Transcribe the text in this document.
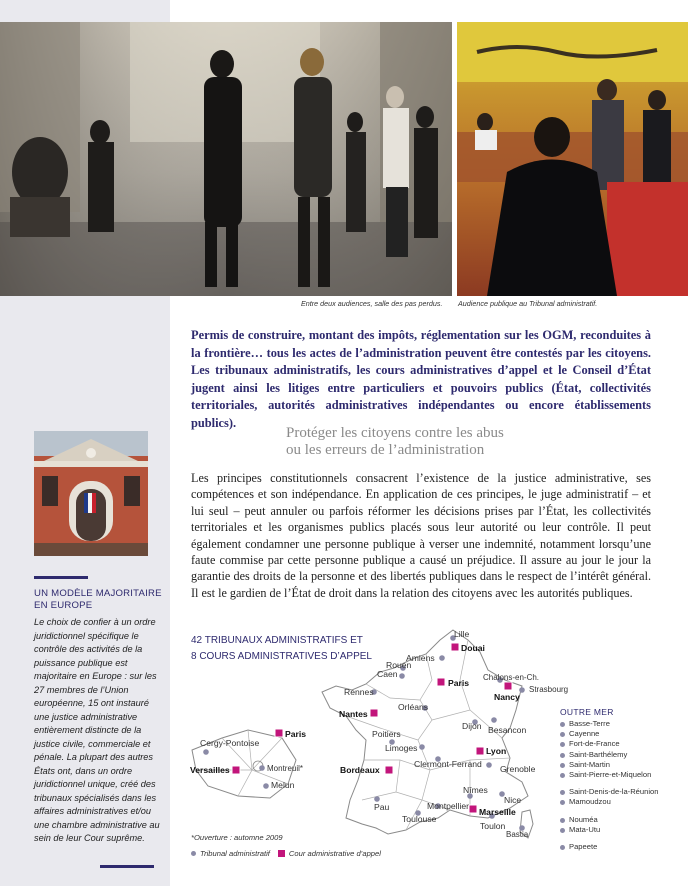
Entre deux audiences, salle des pas perdus. Audience publique au Tribunal administratif.
Permis de construire, montant des impôts, réglementation sur les OGM, reconduites à la frontière… tous les actes de l’administration peuvent être contestés par les citoyens. Les tribunaux administratifs, les cours administratives d’appel et le Conseil d’État jugent ainsi les litiges entre particuliers et pouvoirs publics (État, collectivités territoriales, autorités administratives indépendantes ou encore établissements publics).
Protéger les citoyens contre les abus
ou les erreurs de l’administration
Les principes constitutionnels consacrent l’existence de la justice administrative, ses compétences et son indépendance. En application de ces principes, le juge administratif – et lui seul – peut annuler ou parfois réformer les décisions prises par l’État, les collectivités territoriales et les organismes publics placés sous leur autorité ou leur contrôle. Il peut également condamner une personne publique à verser une indemnité, notamment lorsqu’une faute commise par cette personne publique a causé un préjudice. Il assure au jour le jour la garantie des droits de la personne et des libertés publiques dans le respect de l’intérêt général. Il est le gardien de l’État de droit dans la relation des citoyens avec les autorités publiques.
UN MODÈLE MAJORITAIRE
EN EUROPE
Le choix de confier à un ordre juridictionnel spécifique le contrôle des activités de la puissance publique est majoritaire en Europe : sur les 27 membres de l’Union européenne, 15 ont instauré une justice administrative entièrement distincte de la justice civile, commerciale et pénale. La plupart des autres États ont, dans un ordre juridictionnel unique, créé des tribunaux spécialisés dans les affaires administratives et/ou une chambre administrative au sein de leur Cour suprême.
42 TRIBUNAUX ADMINISTRATIFS ET
8 COURS ADMINISTRATIVES D’APPEL
Lille
Douai
Amiens
Rouen
Caen
Paris
Chalons-en-Ch.
Strasbourg
Nancy
Rennes
Orléans
Nantes
Dijon Besancon
Poitiers
Limoges	Lyon
Clermont-Ferrand Grenoble
Bordeaux
Nîmes
Nice
Pau	Montpellier
Marseille
Toulouse
Toulon
Bastia
Cergy-Pontoise
Paris
Versailles	Montreuil*
Melun
OUTRE MER
Basse-Terre
Cayenne
Fort-de-France
Saint-Barthélemy
Saint-Martin
Saint-Pierre-et-Miquelon
Saint-Denis-de-la-Réunion
Mamoudzou
Nouméa
Mata-Utu
Papeete
*Ouverture : automne 2009
Tribunal administratif	Cour administrative d’appel
